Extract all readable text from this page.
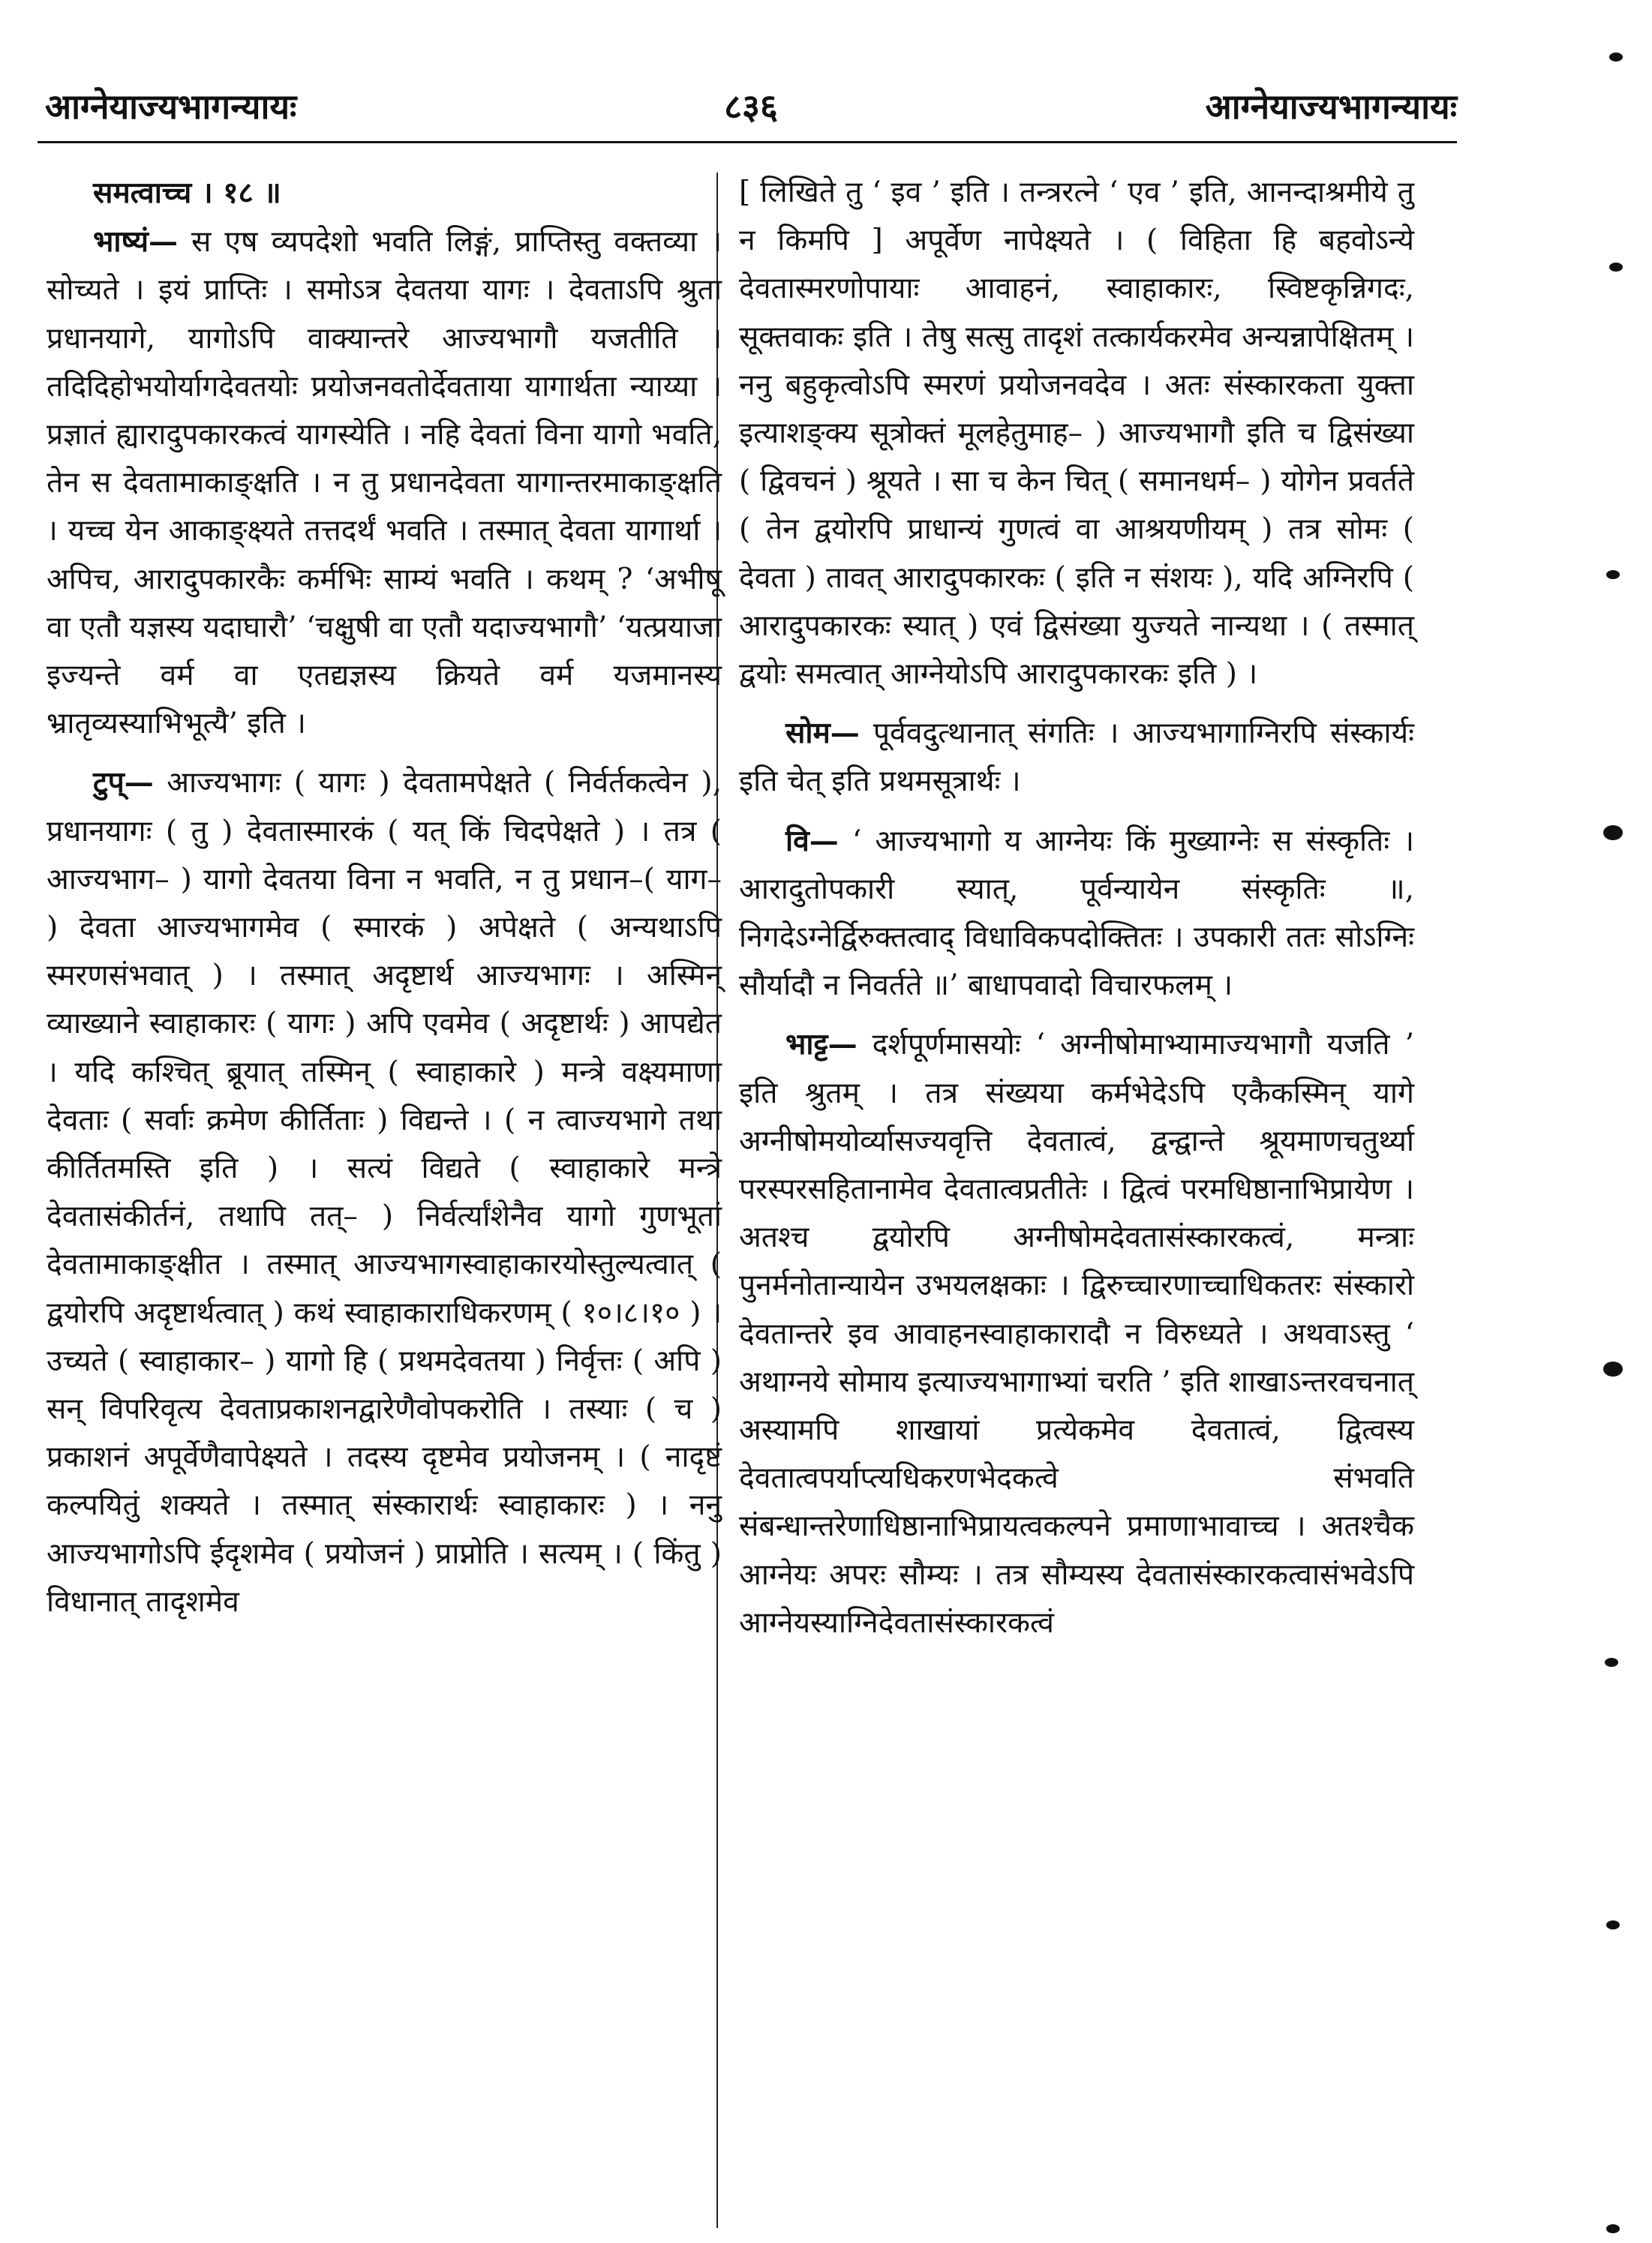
आग्नेयाज्यभागन्यायः	८३६	आग्नेयाज्यभागन्यायः

समत्वाच्च । १८ ॥

भाष्यं— स एष व्यपदेशो भवति लिङ्गं, प्राप्तिस्तु वक्तव्या । सोच्यते । इयं प्राप्तिः । समोऽत्र देवतया यागः । देवताऽपि श्रुता प्रधानयागे, यागोऽपि वाक्यान्तरे आज्यभागौ यजतीति । तदिदिहोभयोर्यागदेवतयोः प्रयोजनवतोर्देवताया यागार्थता न्याय्या । प्रज्ञातं ह्यारादुपकारकत्वं यागस्येति । नहि देवतां विना यागो भवति, तेन स देवतामाकाङ्क्षति । न तु प्रधानदेवता यागान्तरमाकाङ्क्षति । यच्च येन आकाङ्क्ष्यते तत्तदर्थं भवति । तस्मात् देवता यागार्था । अपिच, आरादुपकारकैः कर्मभिः साम्यं भवति । कथम् ? ‘अभीषू वा एतौ यज्ञस्य यदाघारौ’ ‘चक्षुषी वा एतौ यदाज्यभागौ’ ‘यत्प्रयाजा इज्यन्ते वर्म वा एतद्यज्ञस्य क्रियते वर्म यजमानस्य भ्रातृव्यस्याभिभूत्यै’ इति ।

टुप्— आज्यभागः ( यागः ) देवतामपेक्षते ( निर्वर्तकत्वेन ), प्रधानयागः ( तु ) देवतास्मारकं ( यत् किं चिदपेक्षते ) । तत्र ( आज्यभाग– ) यागो देवतया विना न भवति, न तु प्रधान–( याग– ) देवता आज्यभागमेव ( स्मारकं ) अपेक्षते ( अन्यथाऽपि स्मरणसंभवात् ) । तस्मात् अदृष्टार्थ आज्यभागः । अस्मिन् व्याख्याने स्वाहाकारः ( यागः ) अपि एवमेव ( अदृष्टार्थः ) आपद्येत । यदि कश्चित् ब्रूयात् तस्मिन् ( स्वाहाकारे ) मन्त्रे वक्ष्यमाणा देवताः ( सर्वाः क्रमेण कीर्तिताः ) विद्यन्ते । ( न त्वाज्यभागे तथा कीर्तितमस्ति इति ) । सत्यं विद्यते ( स्वाहाकारे मन्त्रे देवतासंकीर्तनं, तथापि तत्– ) निर्वर्त्यांशेनैव यागो गुणभूतां देवतामाकाङ्क्षीत । तस्मात् आज्यभागस्वाहाकारयोस्तुल्यत्वात् ( द्वयोरपि अदृष्टार्थत्वात् ) कथं स्वाहाकाराधिकरणम् ( १०।८।१० ) । उच्यते ( स्वाहाकार– ) यागो हि ( प्रथमदेवतया ) निर्वृत्तः ( अपि ) सन् विपरिवृत्य देवताप्रकाशनद्वारेणैवोपकरोति । तस्याः ( च ) प्रकाशनं अपूर्वेणैवापेक्ष्यते । तदस्य दृष्टमेव प्रयोजनम् । ( नादृष्टं कल्पयितुं शक्यते । तस्मात् संस्कारार्थः स्वाहाकारः ) । ननु आज्यभागोऽपि ईदृशमेव ( प्रयोजनं ) प्राप्नोति । सत्यम् । ( किंतु ) विधानात् तादृशमेव

[ लिखिते तु ‘ इव ’ इति । तन्त्ररत्ने ‘ एव ’ इति, आनन्दाश्रमीये तु न किमपि ] अपूर्वेण नापेक्ष्यते । ( विहिता हि बहवोऽन्ये देवतास्मरणोपायाः आवाहनं, स्वाहाकारः, स्विष्टकृन्निगदः, सूक्तवाकः इति । तेषु सत्सु तादृशं तत्कार्यकरमेव अन्यन्नापेक्षितम् । ननु बहुकृत्वोऽपि स्मरणं प्रयोजनवदेव । अतः संस्कारकता युक्ता इत्याशङ्क्य सूत्रोक्तं मूलहेतुमाह– ) आज्यभागौ इति च द्विसंख्या ( द्विवचनं ) श्रूयते । सा च केन चित् ( समानधर्म– ) योगेन प्रवर्तते ( तेन द्वयोरपि प्राधान्यं गुणत्वं वा आश्रयणीयम् ) तत्र सोमः ( देवता ) तावत् आरादुपकारकः ( इति न संशयः ), यदि अग्निरपि ( आरादुपकारकः स्यात् ) एवं द्विसंख्या युज्यते नान्यथा । ( तस्मात् द्वयोः समत्वात् आग्नेयोऽपि आरादुपकारकः इति ) ।

सोम— पूर्ववदुत्थानात् संगतिः । आज्यभागाग्निरपि संस्कार्यः इति चेत् इति प्रथमसूत्रार्थः ।

वि— ‘ आज्यभागो य आग्नेयः किं मुख्याग्नेः स संस्कृतिः । आरादुतोपकारी स्यात्, पूर्वन्यायेन संस्कृतिः ॥, निगदेऽग्नेर्द्विरुक्तत्वाद् विधाविकपदोक्तितः । उपकारी ततः सोऽग्निः सौर्यादौ न निवर्तते ॥’ बाधापवादो विचारफलम् ।

भाट्ट— दर्शपूर्णमासयोः ‘ अग्नीषोमाभ्यामाज्यभागौ यजति ’ इति श्रुतम् । तत्र संख्यया कर्मभेदेऽपि एकैकस्मिन् यागे अग्नीषोमयोर्व्यासज्यवृत्ति देवतात्वं, द्वन्द्वान्ते श्रूयमाणचतुर्थ्या परस्परसहितानामेव देवतात्वप्रतीतेः । द्वित्वं परमधिष्ठानाभिप्रायेण । अतश्च द्वयोरपि अग्नीषोमदेवतासंस्कारकत्वं, मन्त्राः पुनर्मनोतान्यायेन उभयलक्षकाः । द्विरुच्चारणाच्चाधिकतरः संस्कारो देवतान्तरे इव आवाहनस्वाहाकारादौ न विरुध्यते । अथवाऽस्तु ‘ अथाग्नये सोमाय इत्याज्यभागाभ्यां चरति ’ इति शाखाऽन्तरवचनात् अस्यामपि शाखायां प्रत्येकमेव देवतात्वं, द्वित्वस्य देवतात्वपर्याप्त्यधिकरणभेदकत्वे संभवति संबन्धान्तरेणाधिष्ठानाभिप्रायत्वकल्पने प्रमाणाभावाच्च । अतश्चैक आग्नेयः अपरः सौम्यः । तत्र सौम्यस्य देवतासंस्कारकत्वासंभवेऽपि आग्नेयस्याग्निदेवतासंस्कारकत्वं
